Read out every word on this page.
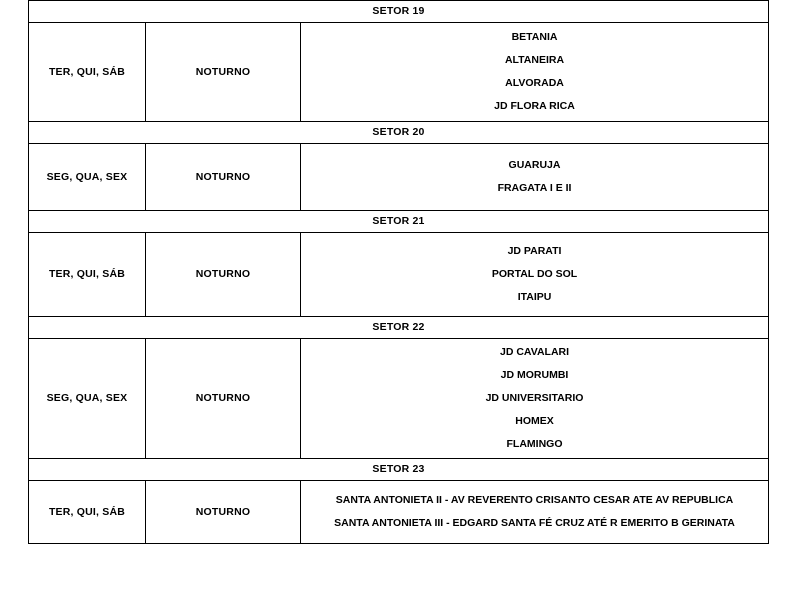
SETOR 19		
TER, QUI, SÁB	NOTURNO	BETANIA
ALTANEIRA
ALVORADA
JD FLORA RICA

SETOR 20		
SEG, QUA, SEX	NOTURNO	GUARUJA
FRAGATA I E II

SETOR 21		
TER, QUI, SÁB	NOTURNO	JD PARATI
PORTAL DO SOL
ITAIPU

SETOR 22		
SEG, QUA, SEX	NOTURNO	JD CAVALARI
JD MORUMBI
JD UNIVERSITARIO
HOMEX
FLAMINGO

SETOR 23		
TER, QUI, SÁB	NOTURNO	SANTA ANTONIETA II - AV REVERENTO CRISANTO CESAR ATE AV REPUBLICA
SANTA ANTONIETA III - EDGARD SANTA FÉ CRUZ ATÉ R EMERITO B GERINATA
